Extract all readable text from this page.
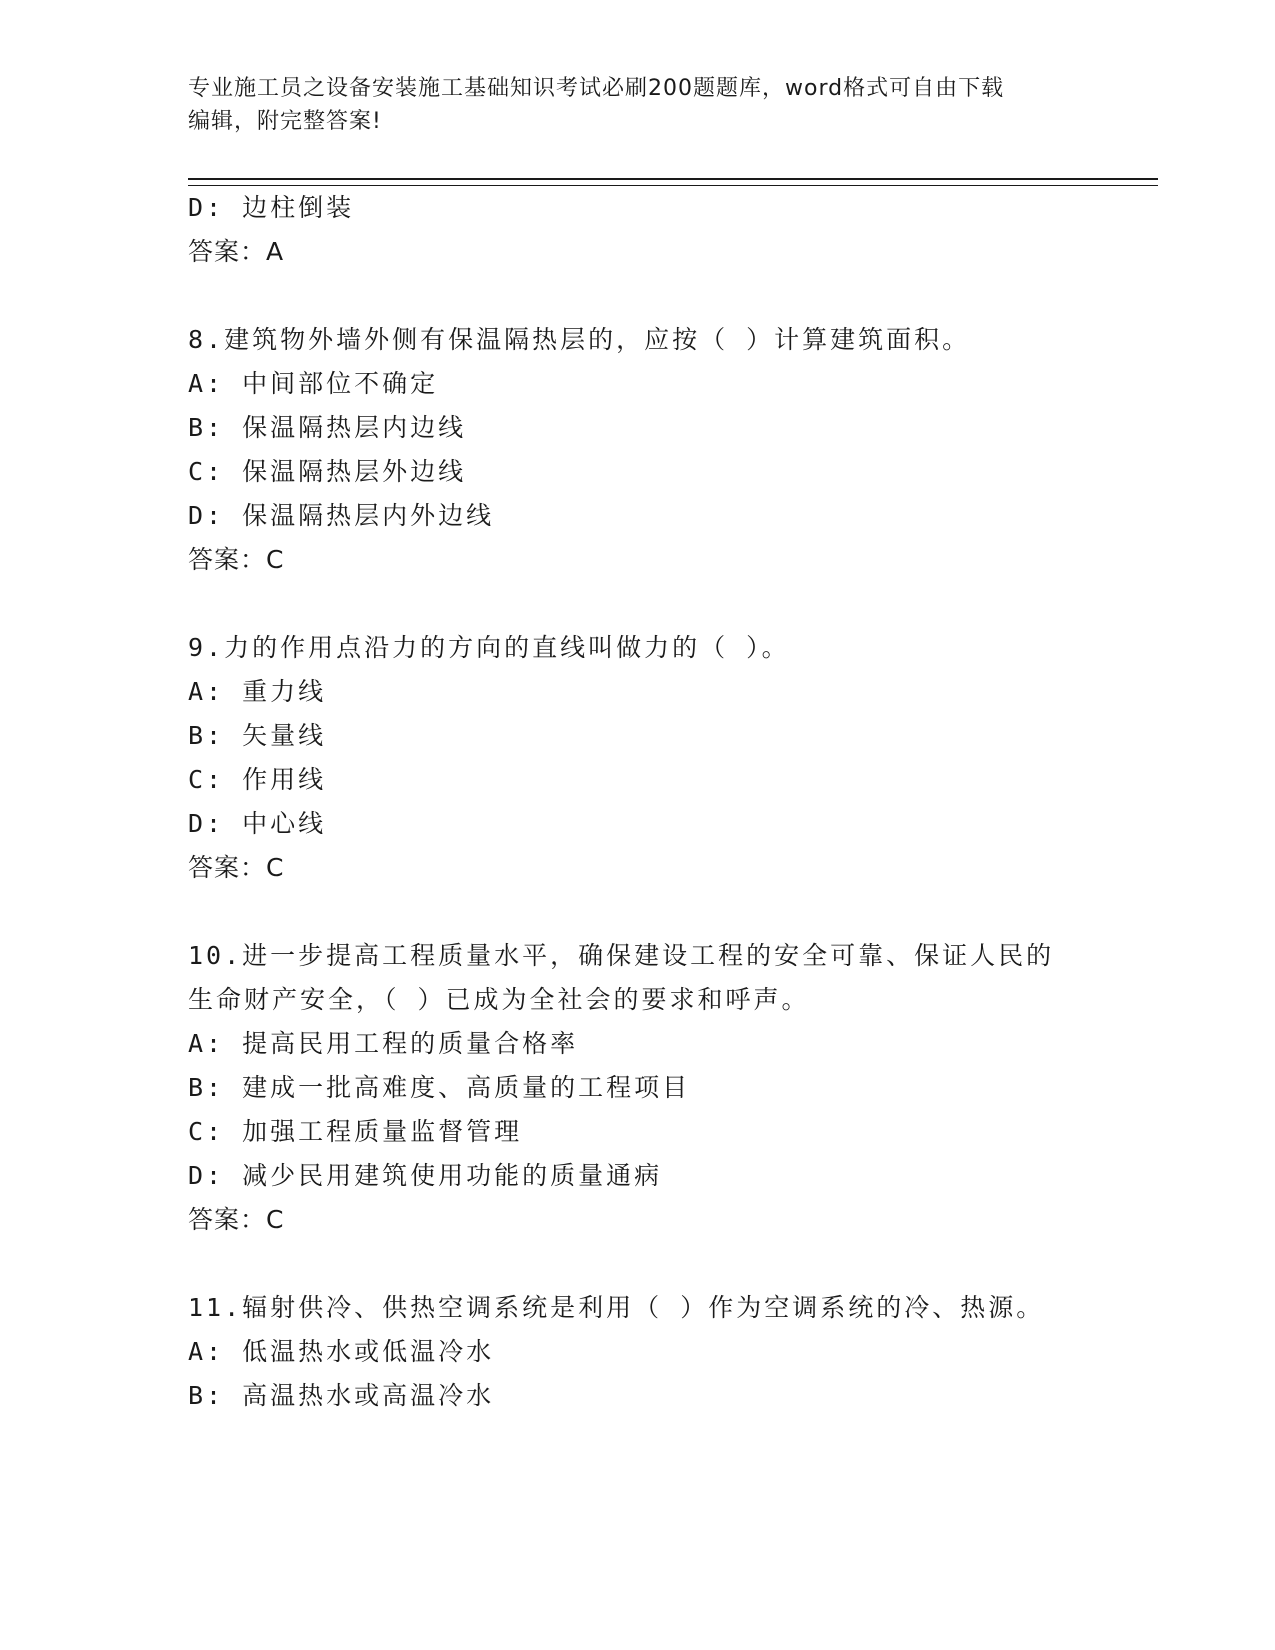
专业施工员之设备安装施工基础知识考试必刷200题题库，word格式可自由下载
编辑，附完整答案!
D: 边柱倒装
答案：A
8.建筑物外墙外侧有保温隔热层的，应按（ ）计算建筑面积。
A: 中间部位不确定
B: 保温隔热层内边线
C: 保温隔热层外边线
D: 保温隔热层内外边线
答案：C
9.力的作用点沿力的方向的直线叫做力的（ ）。
A: 重力线
B: 矢量线
C: 作用线
D: 中心线
答案：C
10.进一步提高工程质量水平，确保建设工程的安全可靠、保证人民的
生命财产安全，（ ）已成为全社会的要求和呼声。
A: 提高民用工程的质量合格率
B: 建成一批高难度、高质量的工程项目
C: 加强工程质量监督管理
D: 减少民用建筑使用功能的质量通病
答案：C
11.辐射供冷、供热空调系统是利用（ ）作为空调系统的冷、热源。
A: 低温热水或低温冷水
B: 高温热水或高温冷水
